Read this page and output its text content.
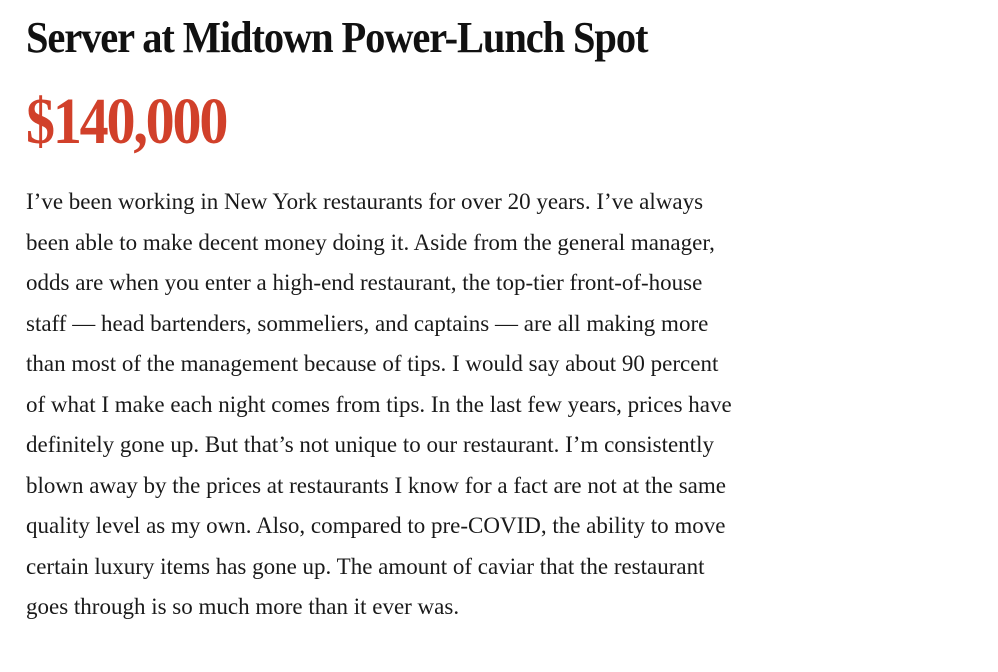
Server at Midtown Power-Lunch Spot
$140,000

I’ve been working in New York restaurants for over 20 years. I’ve always
been able to make decent money doing it. Aside from the general manager,
odds are when you enter a high-end restaurant, the top-tier front-of-house
staff — head bartenders, sommeliers, and captains — are all making more
than most of the management because of tips. I would say about 90 percent
of what I make each night comes from tips. In the last few years, prices have
definitely gone up. But that’s not unique to our restaurant. I’m consistently
blown away by the prices at restaurants I know for a fact are not at the same
quality level as my own. Also, compared to pre-COVID, the ability to move
certain luxury items has gone up. The amount of caviar that the restaurant
goes through is so much more than it ever was.
